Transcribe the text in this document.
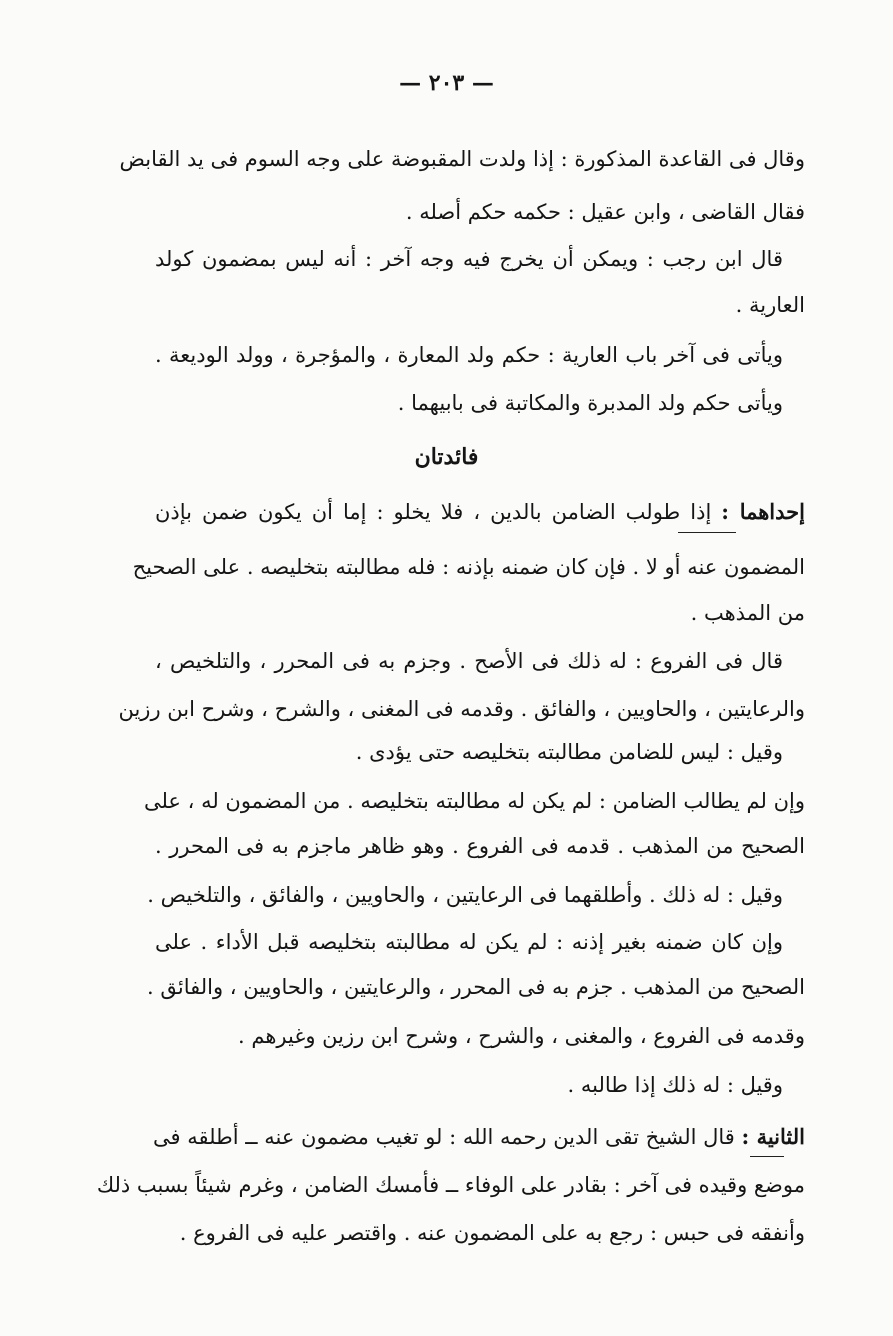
— ٢٠٣ —
وقال فى القاعدة المذكورة : إذا ولدت المقبوضة على وجه السوم فى يد القابض
فقال القاضى ، وابن عقيل : حكمه حكم أصله .
قال ابن رجب : ويمكن أن يخرج فيه وجه آخر : أنه ليس بمضمون كولد
العارية .
ويأتى فى آخر باب العارية : حكم ولد المعارة ، والمؤجرة ، وولد الوديعة .
ويأتى حكم ولد المدبرة والمكاتبة فى بابيهما .
فائدتان
إحداهما : إذا طولب الضامن بالدين ، فلا يخلو : إما أن يكون ضمن بإذن
المضمون عنه أو لا . فإن كان ضمنه بإذنه : فله مطالبته بتخليصه . على الصحيح
من المذهب .
قال فى الفروع : له ذلك فى الأصح . وجزم به فى المحرر ، والتلخيص ،
والرعايتين ، والحاويين ، والفائق . وقدمه فى المغنى ، والشرح ، وشرح ابن رزين
وقيل : ليس للضامن مطالبته بتخليصه حتى يؤدى .
وإن لم يطالب الضامن : لم يكن له مطالبته بتخليصه . من المضمون له ، على
الصحيح من المذهب . قدمه فى الفروع . وهو ظاهر ماجزم به فى المحرر .
وقيل : له ذلك . وأطلقهما فى الرعايتين ، والحاويين ، والفائق ، والتلخيص .
وإن كان ضمنه بغير إذنه : لم يكن له مطالبته بتخليصه قبل الأداء . على
الصحيح من المذهب . جزم به فى المحرر ، والرعايتين ، والحاويين ، والفائق .
وقدمه فى الفروع ، والمغنى ، والشرح ، وشرح ابن رزين وغيرهم .
وقيل : له ذلك إذا طالبه .
الثانية : قال الشيخ تقى الدين رحمه الله : لو تغيب مضمون عنه ــ أطلقه فى
موضع وقيده فى آخر : بقادر على الوفاء ــ فأمسك الضامن ، وغرم شيئاً بسبب ذلك
وأنفقه فى حبس : رجع به على المضمون عنه . واقتصر عليه فى الفروع .
